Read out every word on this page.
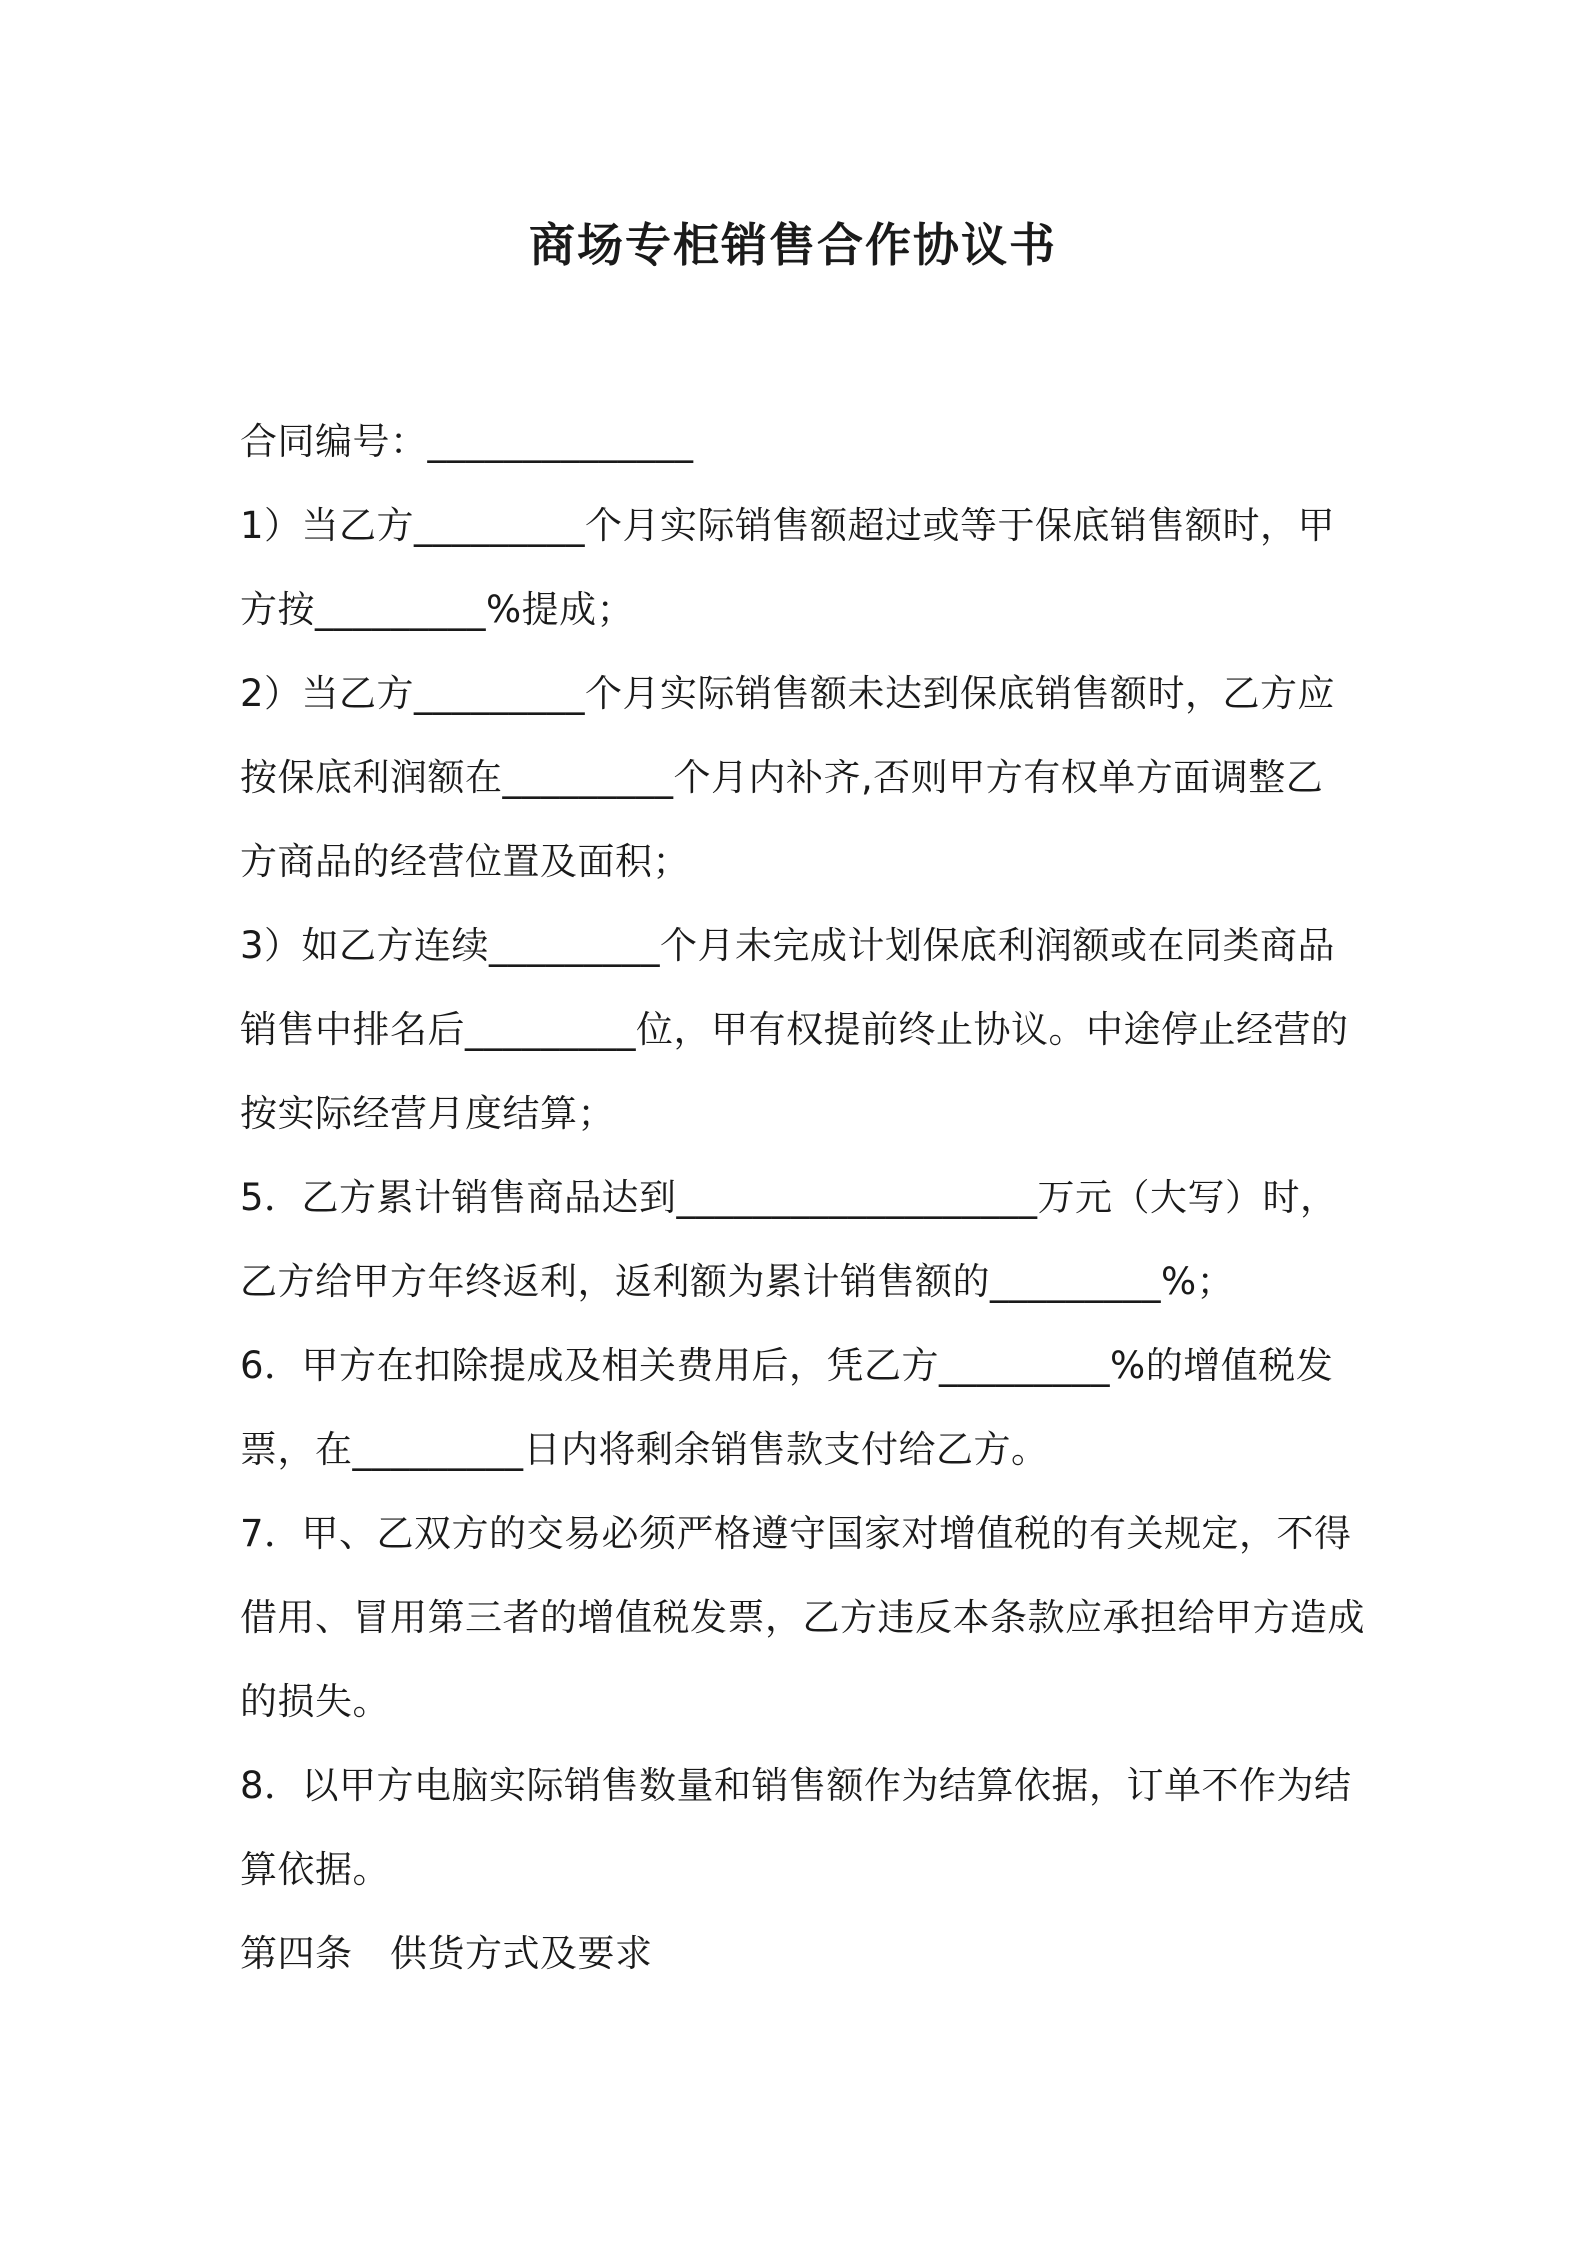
商场专柜销售合作协议书
合同编号：______________
1）当乙方_________个月实际销售额超过或等于保底销售额时，甲
方按_________%提成；
2）当乙方_________个月实际销售额未达到保底销售额时，乙方应
按保底利润额在_________个月内补齐,否则甲方有权单方面调整乙
方商品的经营位置及面积；
3）如乙方连续_________个月未完成计划保底利润额或在同类商品
销售中排名后_________位，甲有权提前终止协议。中途停止经营的
按实际经营月度结算；
5．乙方累计销售商品达到___________________万元（大写）时，
乙方给甲方年终返利，返利额为累计销售额的_________%；
6．甲方在扣除提成及相关费用后，凭乙方_________%的增值税发
票，在_________日内将剩余销售款支付给乙方。
7．甲、乙双方的交易必须严格遵守国家对增值税的有关规定，不得
借用、冒用第三者的增值税发票，乙方违反本条款应承担给甲方造成
的损失。
8．以甲方电脑实际销售数量和销售额作为结算依据，订单不作为结
算依据。
第四条　供货方式及要求
